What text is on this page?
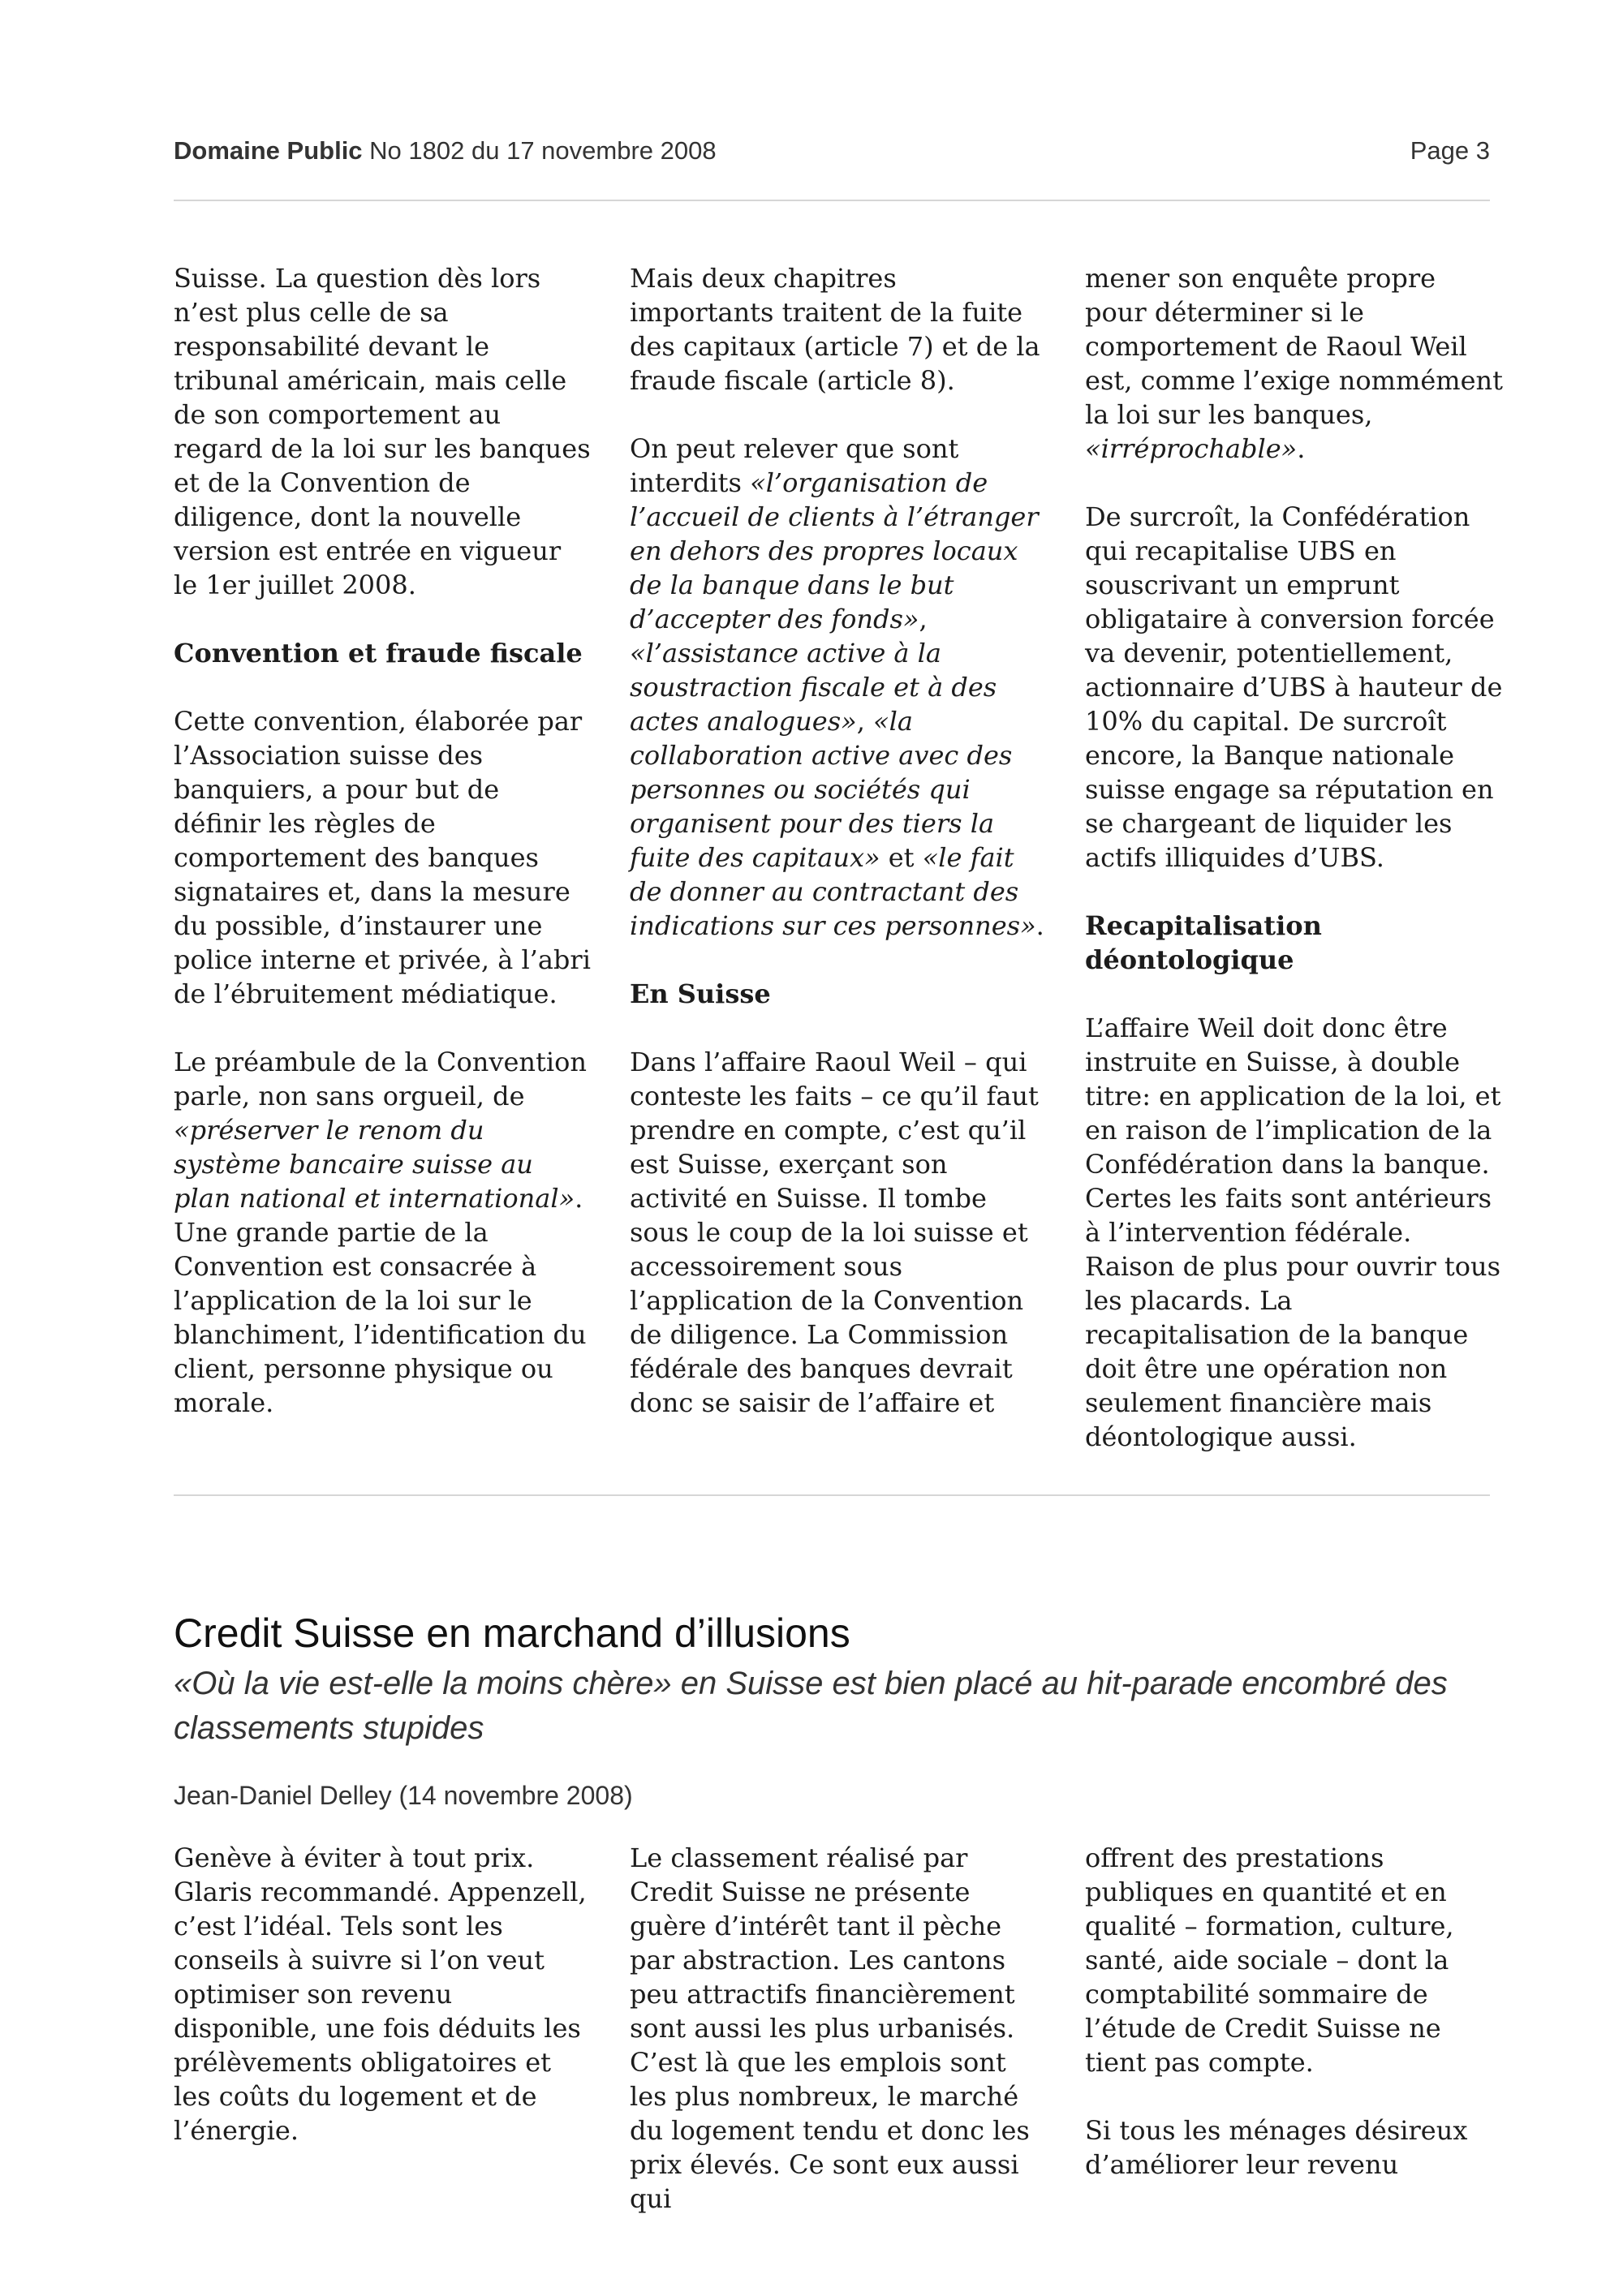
Domaine Public No 1802 du 17 novembre 2008	Page 3

Suisse. La question dès lors n’est plus celle de sa responsabilité devant le tribunal américain, mais celle de son comportement au regard de la loi sur les banques et de la Convention de diligence, dont la nouvelle version est entrée en vigueur le 1er juillet 2008.

Convention et fraude fiscale

Cette convention, élaborée par l’Association suisse des banquiers, a pour but de définir les règles de comportement des banques signataires et, dans la mesure du possible, d’instaurer une police interne et privée, à l’abri de l’ébruitement médiatique.

Le préambule de la Convention parle, non sans orgueil, de «préserver le renom du système bancaire suisse au plan national et international». Une grande partie de la Convention est consacrée à l’application de la loi sur le blanchiment, l’identification du client, personne physique ou morale.

Mais deux chapitres importants traitent de la fuite des capitaux (article 7) et de la fraude fiscale (article 8).

On peut relever que sont interdits «l’organisation de l’accueil de clients à l’étranger en dehors des propres locaux de la banque dans le but d’accepter des fonds», «l’assistance active à la soustraction fiscale et à des actes analogues», «la collaboration active avec des personnes ou sociétés qui organisent pour des tiers la fuite des capitaux» et «le fait de donner au contractant des indications sur ces personnes».

En Suisse

Dans l’affaire Raoul Weil – qui conteste les faits – ce qu’il faut prendre en compte, c’est qu’il est Suisse, exerçant son activité en Suisse. Il tombe sous le coup de la loi suisse et accessoirement sous l’application de la Convention de diligence. La Commission fédérale des banques devrait donc se saisir de l’affaire et

mener son enquête propre pour déterminer si le comportement de Raoul Weil est, comme l’exige nommément la loi sur les banques, «irréprochable».

De surcroît, la Confédération qui recapitalise UBS en souscrivant un emprunt obligataire à conversion forcée va devenir, potentiellement, actionnaire d’UBS à hauteur de 10% du capital. De surcroît encore, la Banque nationale suisse engage sa réputation en se chargeant de liquider les actifs illiquides d’UBS.

Recapitalisation déontologique

L’affaire Weil doit donc être instruite en Suisse, à double titre: en application de la loi, et en raison de l’implication de la Confédération dans la banque. Certes les faits sont antérieurs à l’intervention fédérale. Raison de plus pour ouvrir tous les placards. La recapitalisation de la banque doit être une opération non seulement financière mais déontologique aussi.

Credit Suisse en marchand d’illusions

«Où la vie est-elle la moins chère» en Suisse est bien placé au hit-parade encombré des classements stupides

Jean-Daniel Delley (14 novembre 2008)

Genève à éviter à tout prix. Glaris recommandé. Appenzell, c’est l’idéal. Tels sont les conseils à suivre si l’on veut optimiser son revenu disponible, une fois déduits les prélèvements obligatoires et les coûts du logement et de l’énergie.

Le classement réalisé par Credit Suisse ne présente guère d’intérêt tant il pèche par abstraction. Les cantons peu attractifs financièrement sont aussi les plus urbanisés. C’est là que les emplois sont les plus nombreux, le marché du logement tendu et donc les prix élevés. Ce sont eux aussi qui

offrent des prestations publiques en quantité et en qualité – formation, culture, santé, aide sociale – dont la comptabilité sommaire de l’étude de Credit Suisse ne tient pas compte.

Si tous les ménages désireux d’améliorer leur revenu
